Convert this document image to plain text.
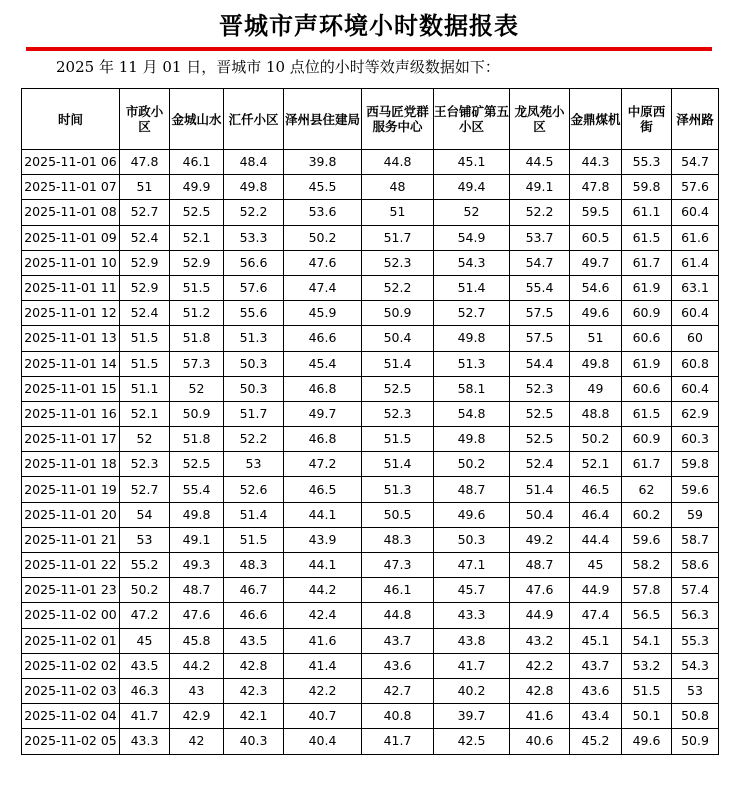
晋城市声环境小时数据报表
2025 年 11 月 01 日，晋城市 10 点位的小时等效声级数据如下：
时间	市政小区	金城山水	汇仟小区	泽州县住建局	西马匠党群服务中心	王台铺矿第五小区	龙凤苑小区	金鼎煤机	中原西街	泽州路
2025-11-01 06	47.8	46.1	48.4	39.8	44.8	45.1	44.5	44.3	55.3	54.7
2025-11-01 07	51	49.9	49.8	45.5	48	49.4	49.1	47.8	59.8	57.6
2025-11-01 08	52.7	52.5	52.2	53.6	51	52	52.2	59.5	61.1	60.4
2025-11-01 09	52.4	52.1	53.3	50.2	51.7	54.9	53.7	60.5	61.5	61.6
2025-11-01 10	52.9	52.9	56.6	47.6	52.3	54.3	54.7	49.7	61.7	61.4
2025-11-01 11	52.9	51.5	57.6	47.4	52.2	51.4	55.4	54.6	61.9	63.1
2025-11-01 12	52.4	51.2	55.6	45.9	50.9	52.7	57.5	49.6	60.9	60.4
2025-11-01 13	51.5	51.8	51.3	46.6	50.4	49.8	57.5	51	60.6	60
2025-11-01 14	51.5	57.3	50.3	45.4	51.4	51.3	54.4	49.8	61.9	60.8
2025-11-01 15	51.1	52	50.3	46.8	52.5	58.1	52.3	49	60.6	60.4
2025-11-01 16	52.1	50.9	51.7	49.7	52.3	54.8	52.5	48.8	61.5	62.9
2025-11-01 17	52	51.8	52.2	46.8	51.5	49.8	52.5	50.2	60.9	60.3
2025-11-01 18	52.3	52.5	53	47.2	51.4	50.2	52.4	52.1	61.7	59.8
2025-11-01 19	52.7	55.4	52.6	46.5	51.3	48.7	51.4	46.5	62	59.6
2025-11-01 20	54	49.8	51.4	44.1	50.5	49.6	50.4	46.4	60.2	59
2025-11-01 21	53	49.1	51.5	43.9	48.3	50.3	49.2	44.4	59.6	58.7
2025-11-01 22	55.2	49.3	48.3	44.1	47.3	47.1	48.7	45	58.2	58.6
2025-11-01 23	50.2	48.7	46.7	44.2	46.1	45.7	47.6	44.9	57.8	57.4
2025-11-02 00	47.2	47.6	46.6	42.4	44.8	43.3	44.9	47.4	56.5	56.3
2025-11-02 01	45	45.8	43.5	41.6	43.7	43.8	43.2	45.1	54.1	55.3
2025-11-02 02	43.5	44.2	42.8	41.4	43.6	41.7	42.2	43.7	53.2	54.3
2025-11-02 03	46.3	43	42.3	42.2	42.7	40.2	42.8	43.6	51.5	53
2025-11-02 04	41.7	42.9	42.1	40.7	40.8	39.7	41.6	43.4	50.1	50.8
2025-11-02 05	43.3	42	40.3	40.4	41.7	42.5	40.6	45.2	49.6	50.9
